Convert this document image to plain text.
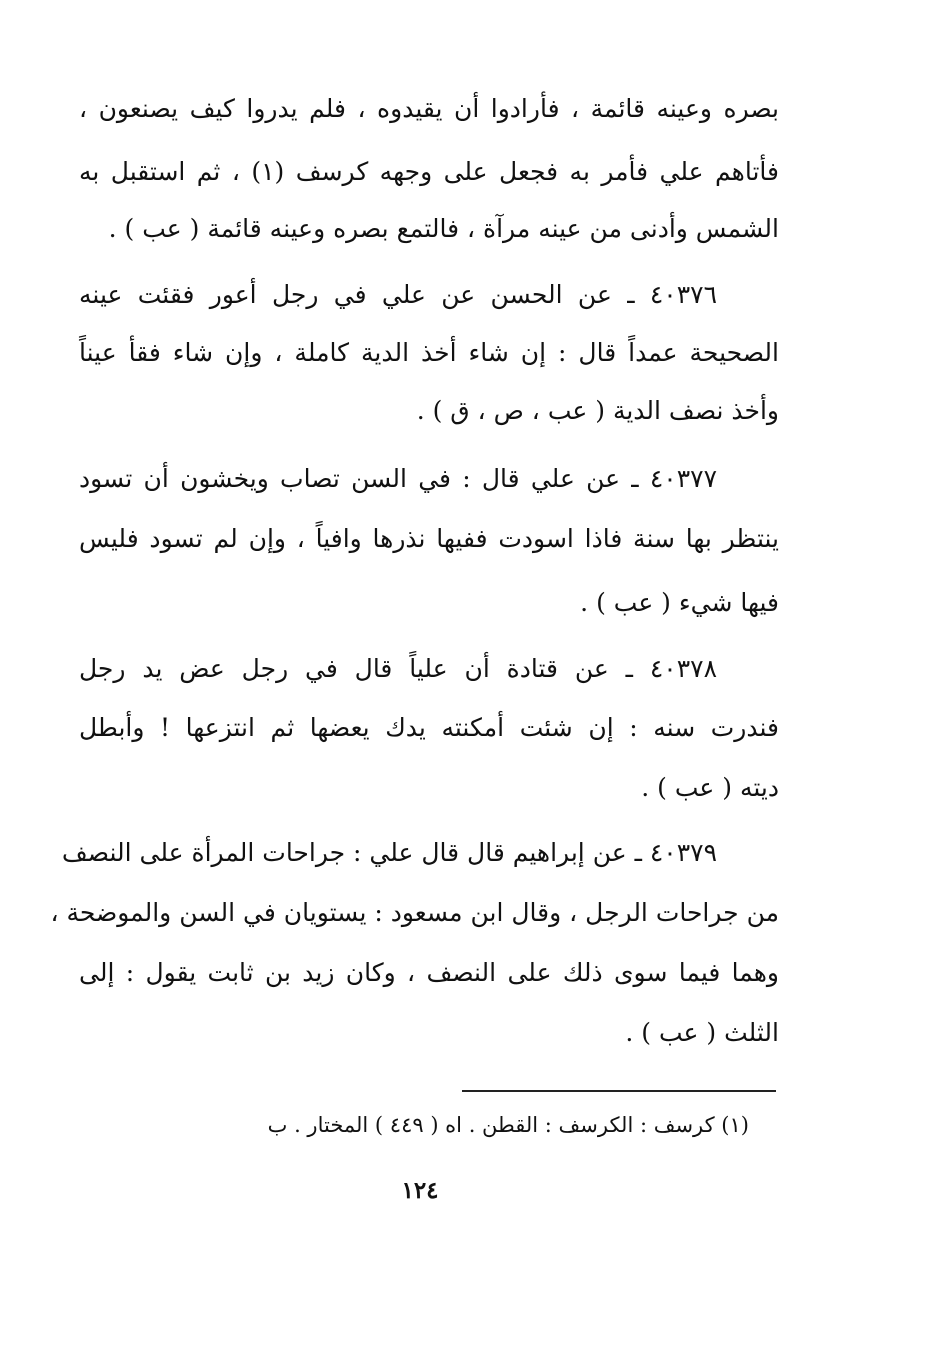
بصره وعينه قائمة ، فأرادوا أن يقيدوه ، فلم يدروا كيف يصنعون ،
فأتاهم علي فأمر به فجعل على وجهه كرسف (١) ، ثم استقبل به
الشمس وأدنى من عينه مرآة ، فالتمع بصره وعينه قائمة ( عب ) .
٤٠٣٧٦ ـ عن الحسن عن علي في رجل أعور فقئت عينه
الصحيحة عمداً قال : إن شاء أخذ الدية كاملة ، وإن شاء فقأ عيناً
وأخذ نصف الدية ( عب ، ص ، ق ) .
٤٠٣٧٧ ـ عن علي قال : في السن تصاب ويخشون أن تسود
ينتظر بها سنة فاذا اسودت ففيها نذرها وافياً ، وإن لم تسود فليس
فيها شيء ( عب ) .
٤٠٣٧٨ ـ عن قتادة أن علياً قال في رجل عض يد رجل
فندرت سنه : إن شئت أمكنته يدك يعضها ثم انتزعها ! وأبطل
ديته ( عب ) .
٤٠٣٧٩ ـ عن إبراهيم قال قال علي : جراحات المرأة على النصف
من جراحات الرجل ، وقال ابن مسعود : يستويان في السن والموضحة ،
وهما فيما سوى ذلك على النصف ، وكان زيد بن ثابت يقول : إلى
الثلث ( عب ) .
(١) كرسف : الكرسف : القطن . اه ( ٤٤٩ ) المختار . ب
١٢٤
